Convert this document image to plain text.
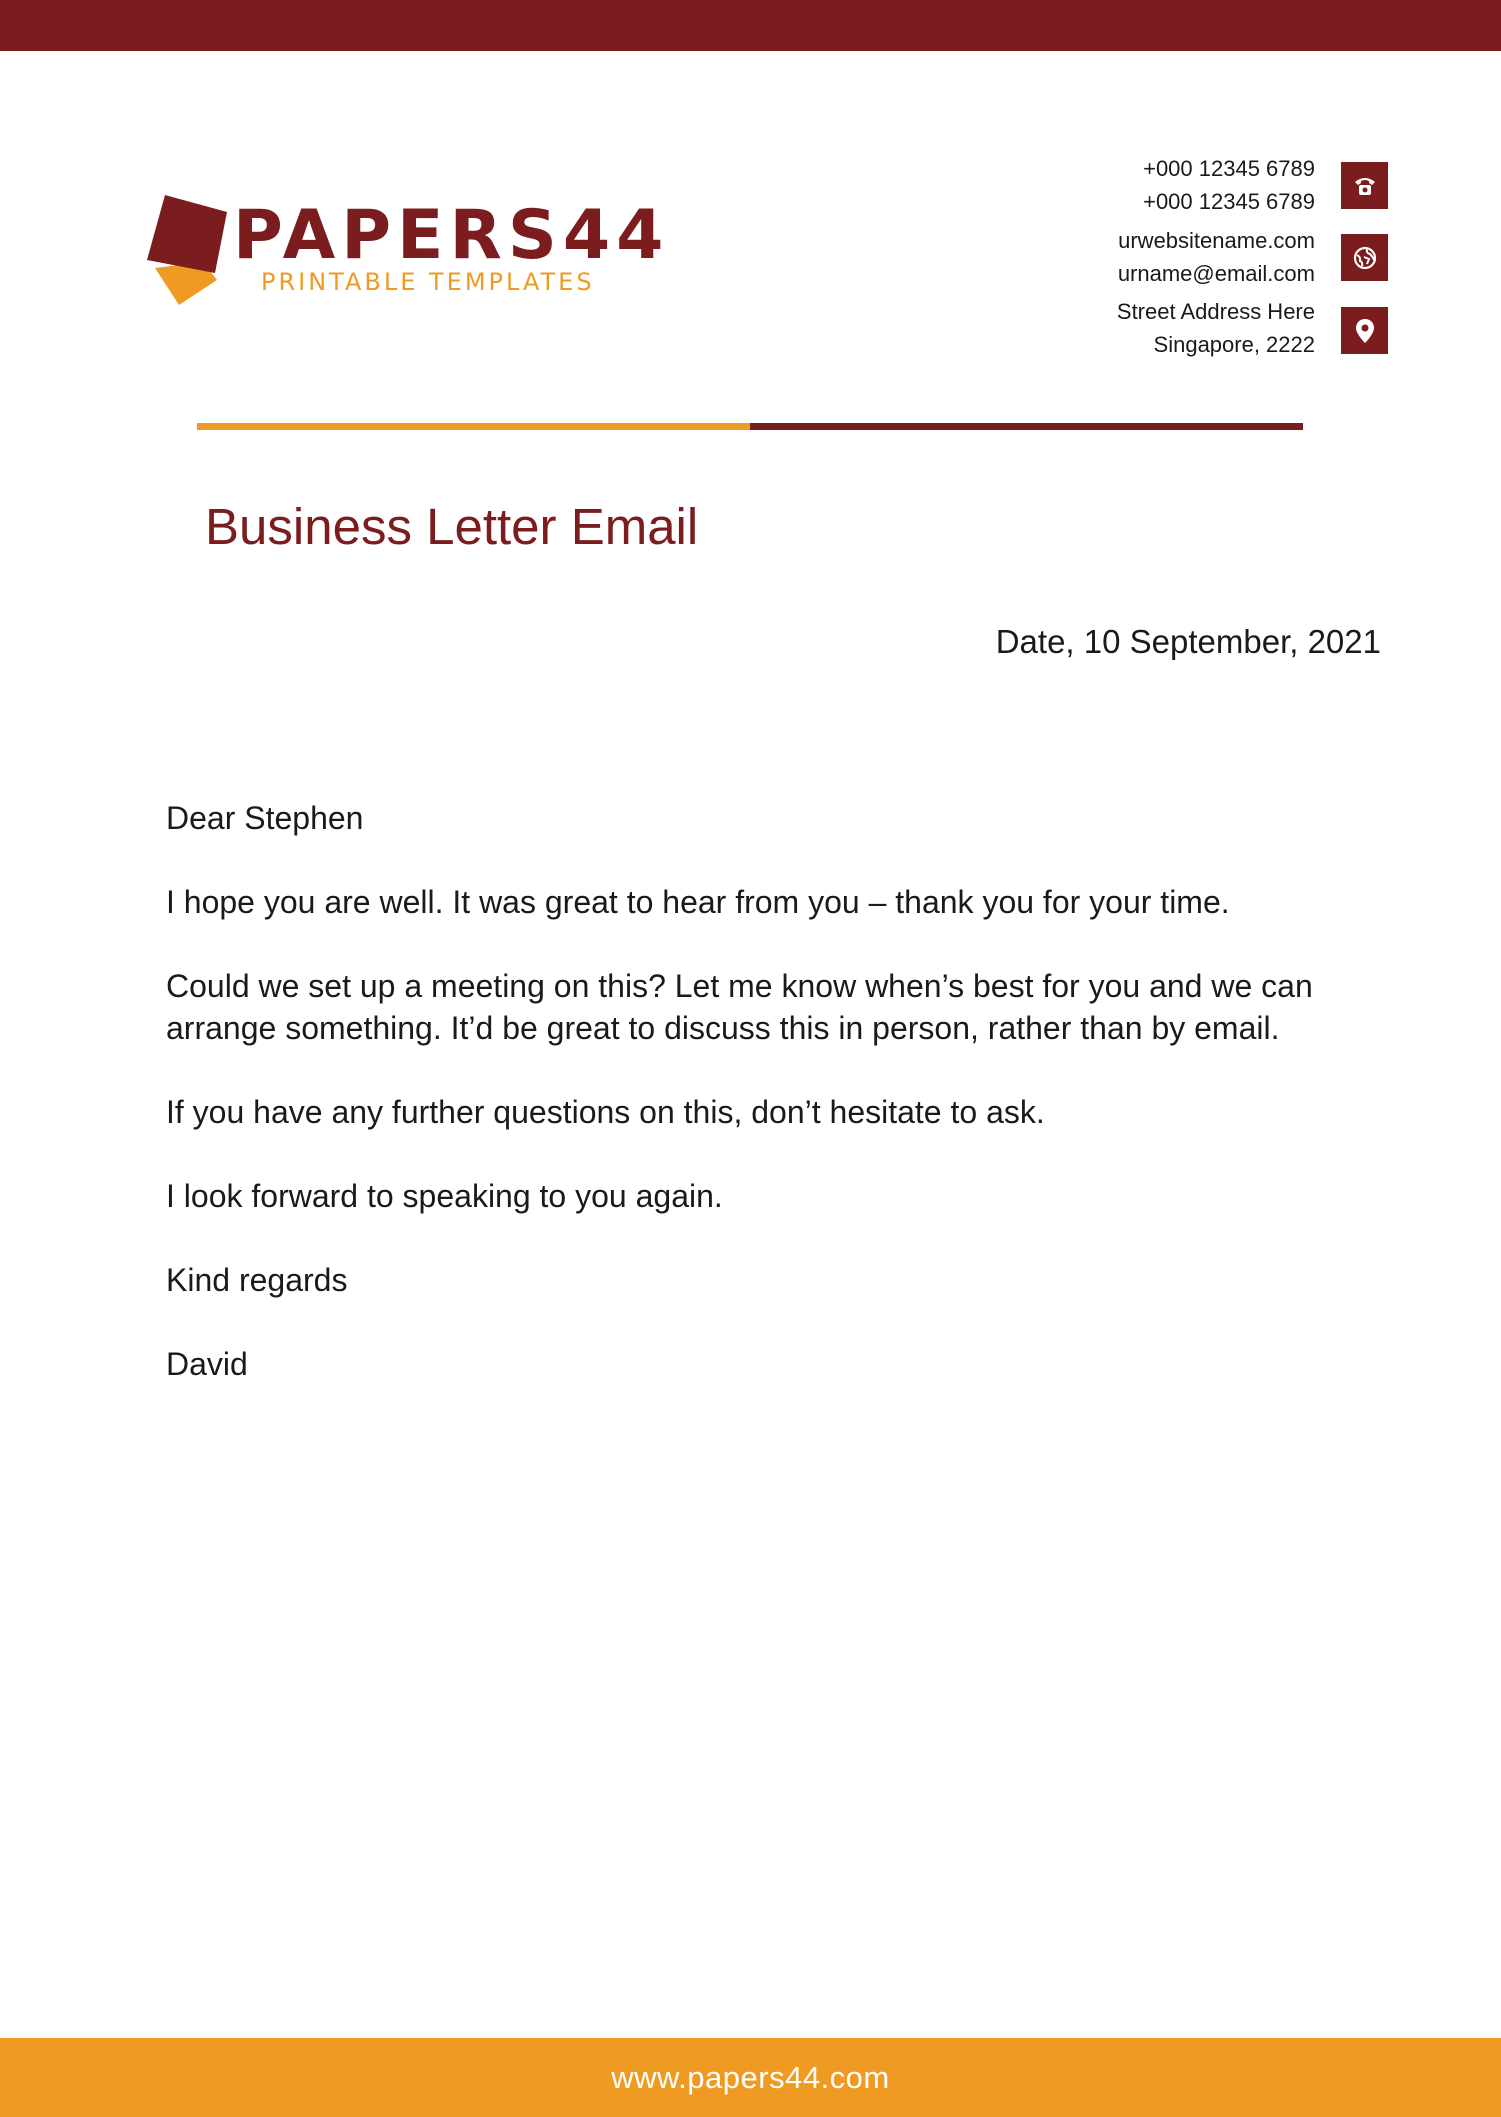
PAPERS44
PRINTABLE TEMPLATES
+000 12345 6789
+000 12345 6789
urwebsitename.com
urname@email.com
Street Address Here
Singapore, 2222
Business Letter Email
Date, 10 September, 2021

Dear Stephen

I hope you are well. It was great to hear from you – thank you for your time.

Could we set up a meeting on this? Let me know when’s best for you and we can

arrange something. It’d be great to discuss this in person, rather than by email.

If you have any further questions on this, don’t hesitate to ask.

I look forward to speaking to you again.

Kind regards

David

www.papers44.com
